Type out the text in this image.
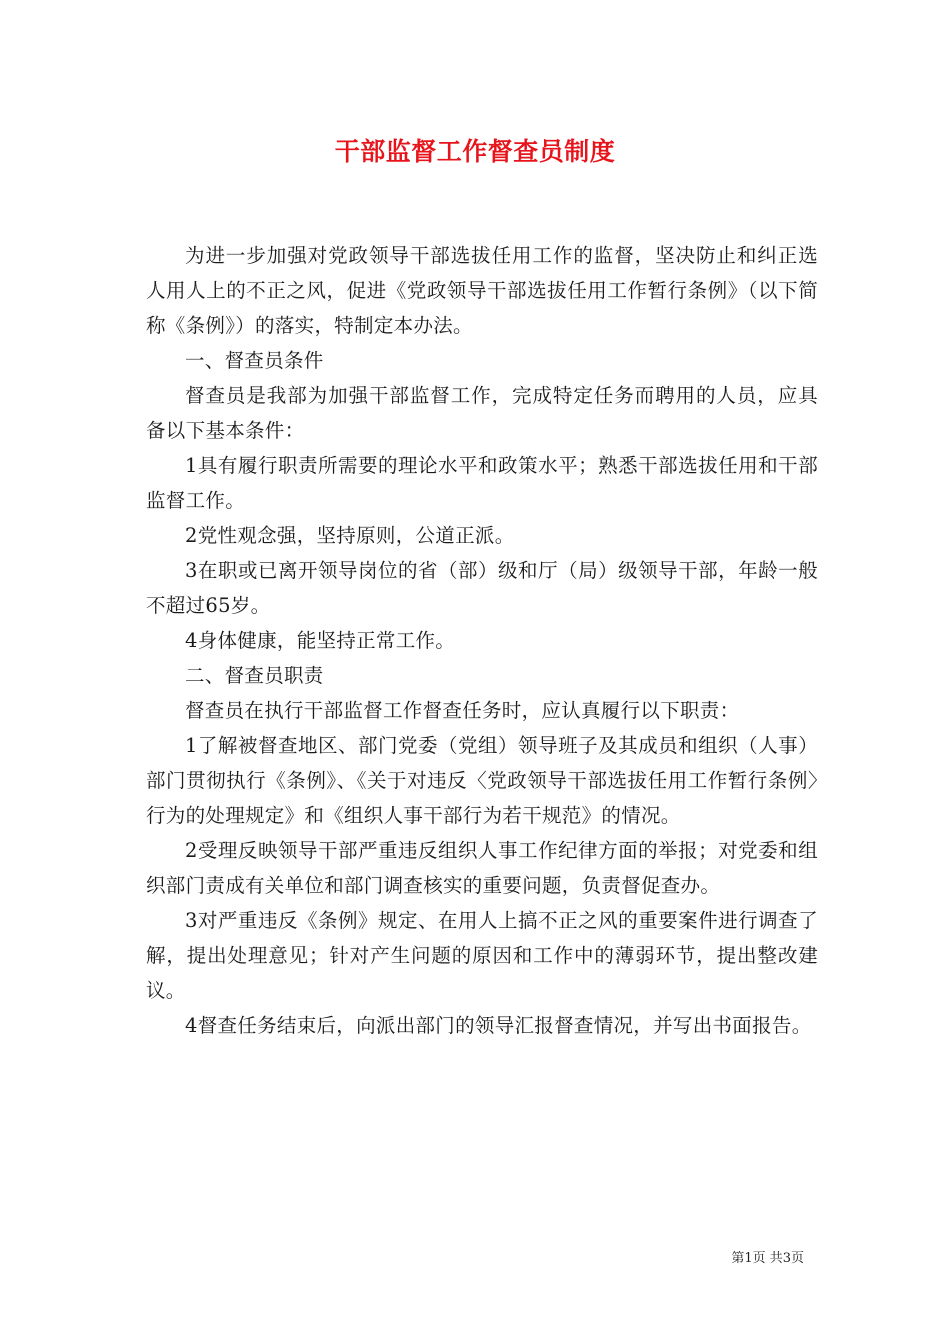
干部监督工作督查员制度

为进一步加强对党政领导干部选拔任用工作的监督，坚决防止和纠正选人用人上的不正之风，促进《党政领导干部选拔任用工作暂行条例》（以下简称《条例》）的落实，特制定本办法。

一、督查员条件

督查员是我部为加强干部监督工作，完成特定任务而聘用的人员，应具备以下基本条件：

1具有履行职责所需要的理论水平和政策水平；熟悉干部选拔任用和干部监督工作。

2党性观念强，坚持原则，公道正派。

3在职或已离开领导岗位的省（部）级和厅（局）级领导干部，年龄一般不超过65岁。

4身体健康，能坚持正常工作。

二、督查员职责

督查员在执行干部监督工作督查任务时，应认真履行以下职责：

1了解被督查地区、部门党委（党组）领导班子及其成员和组织（人事）部门贯彻执行《条例》、《关于对违反〈党政领导干部选拔任用工作暂行条例〉行为的处理规定》和《组织人事干部行为若干规范》的情况。

2受理反映领导干部严重违反组织人事工作纪律方面的举报；对党委和组织部门责成有关单位和部门调查核实的重要问题，负责督促查办。

3对严重违反《条例》规定、在用人上搞不正之风的重要案件进行调查了解，提出处理意见；针对产生问题的原因和工作中的薄弱环节，提出整改建议。

4督查任务结束后，向派出部门的领导汇报督查情况，并写出书面报告。

第1页 共3页
